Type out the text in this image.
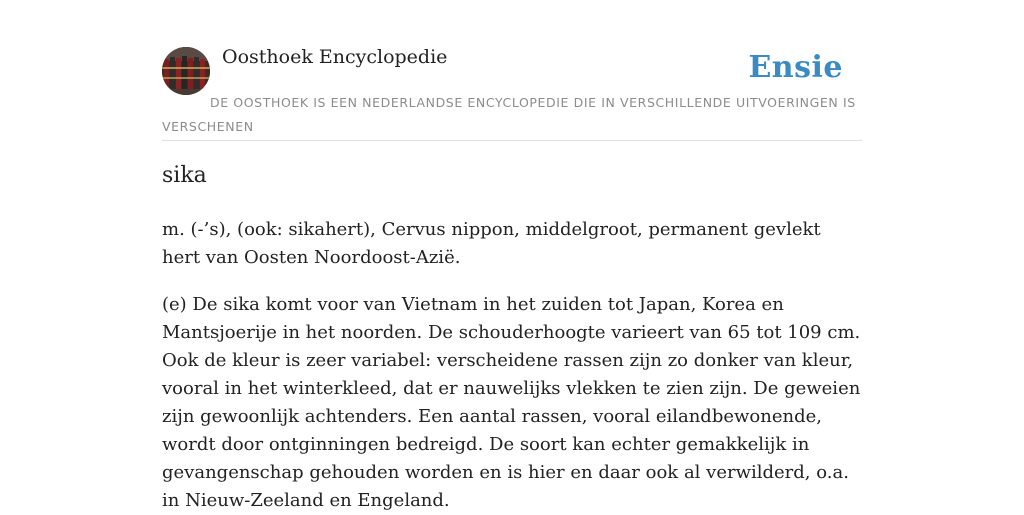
Oosthoek Encyclopedie	Ensie
DE OOSTHOEK IS EEN NEDERLANDSE ENCYCLOPEDIE DIE IN VERSCHILLENDE UITVOERINGEN IS VERSCHENEN
sika

m. (-’s), (ook: sikahert), Cervus nippon, middelgroot, permanent gevlekt hert van Oosten Noordoost-Azië.

(e) De sika komt voor van Vietnam in het zuiden tot Japan, Korea en Mantsjoerije in het noorden. De schouderhoogte varieert van 65 tot 109 cm. Ook de kleur is zeer variabel: verscheidene rassen zijn zo donker van kleur, vooral in het winterkleed, dat er nauwelijks vlekken te zien zijn. De geweien zijn gewoonlijk achtenders. Een aantal rassen, vooral eilandbewonende, wordt door ontginningen bedreigd. De soort kan echter gemakkelijk in gevangenschap gehouden worden en is hier en daar ook al verwilderd, o.a. in Nieuw-Zeeland en Engeland.
